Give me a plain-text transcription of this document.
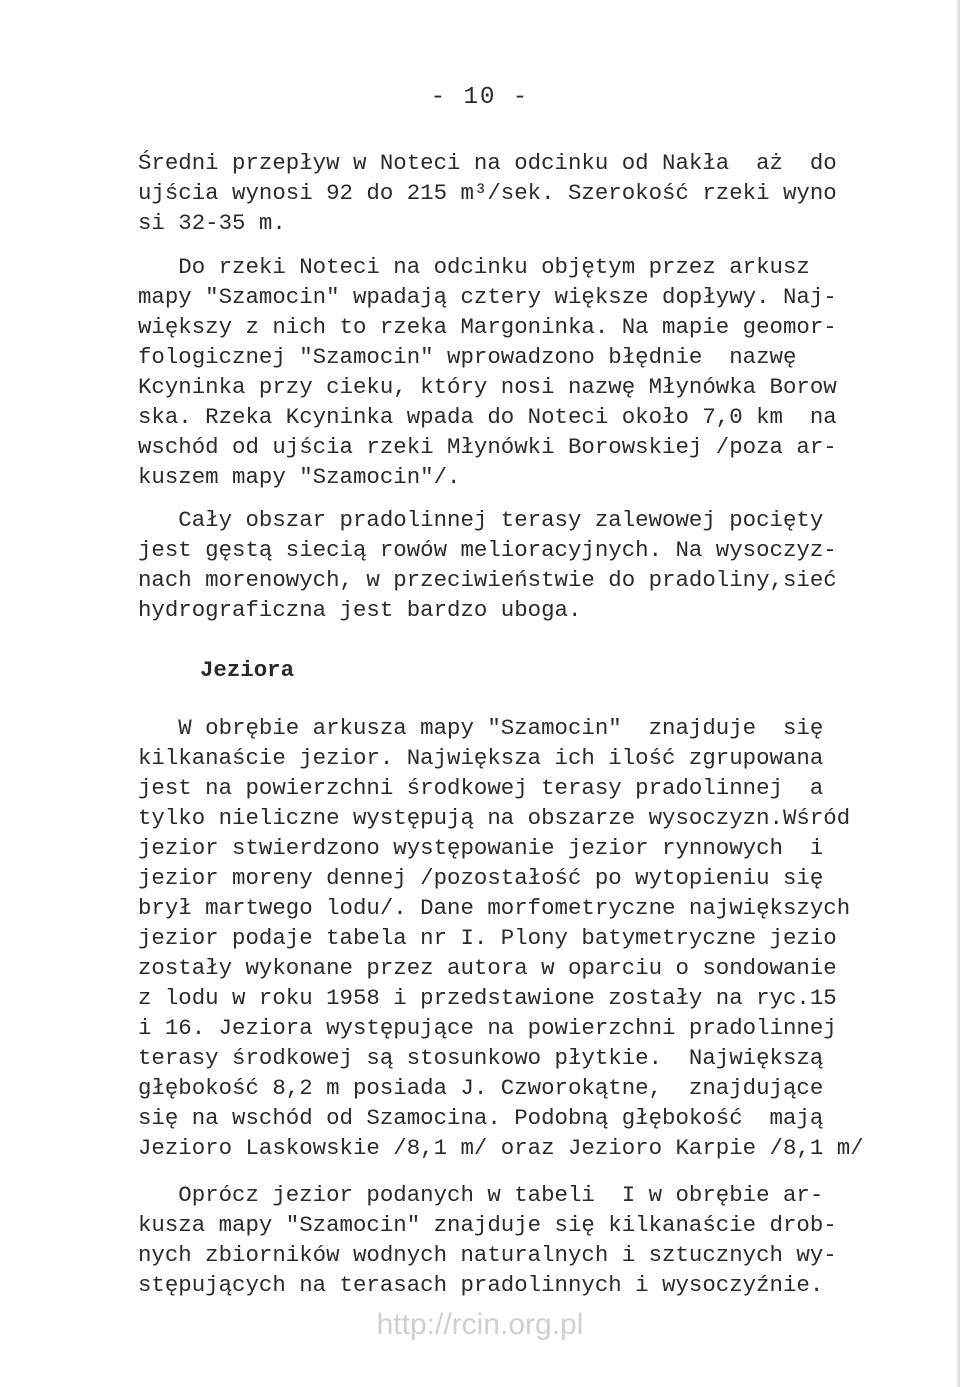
- 10 -
Średni przepływ w Noteci na odcinku od Nakła  aż  do
ujścia wynosi 92 do 215 m³/sek. Szerokość rzeki wyno
si 32-35 m.
Do rzeki Noteci na odcinku objętym przez arkusz
mapy "Szamocin" wpadają cztery większe dopływy. Naj-
większy z nich to rzeka Margoninka. Na mapie geomor-
fologicznej "Szamocin" wprowadzono błędnie  nazwę
Kcyninka przy cieku, który nosi nazwę Młynówka Borow
ska. Rzeka Kcyninka wpada do Noteci około 7,0 km  na
wschód od ujścia rzeki Młynówki Borowskiej /poza ar-
kuszem mapy "Szamocin"/.
Cały obszar pradolinnej terasy zalewowej pocięty
jest gęstą siecią rowów melioracyjnych. Na wysoczyz-
nach morenowych, w przeciwieństwie do pradoliny,sieć
hydrograficzna jest bardzo uboga.
Jeziora
W obrębie arkusza mapy "Szamocin"  znajduje  się
kilkanaście jezior. Największa ich ilość zgrupowana
jest na powierzchni środkowej terasy pradolinnej  a
tylko nieliczne występują na obszarze wysoczyzn.Wśród
jezior stwierdzono występowanie jezior rynnowych  i
jezior moreny dennej /pozostałość po wytopieniu się
brył martwego lodu/. Dane morfometryczne największych
jezior podaje tabela nr I. Plony batymetryczne jezio
zostały wykonane przez autora w oparciu o sondowanie
z lodu w roku 1958 i przedstawione zostały na ryc.15
i 16. Jeziora występujące na powierzchni pradolinnej
terasy środkowej są stosunkowo płytkie.  Największą
głębokość 8,2 m posiada J. Czworokątne,  znajdujące
się na wschód od Szamocina. Podobną głębokość  mają
Jezioro Laskowskie /8,1 m/ oraz Jezioro Karpie /8,1 m/
Oprócz jezior podanych w tabeli  I w obrębie ar-
kusza mapy "Szamocin" znajduje się kilkanaście drob-
nych zbiorników wodnych naturalnych i sztucznych wy-
stępujących na terasach pradolinnych i wysoczyźnie.
http://rcin.org.pl
